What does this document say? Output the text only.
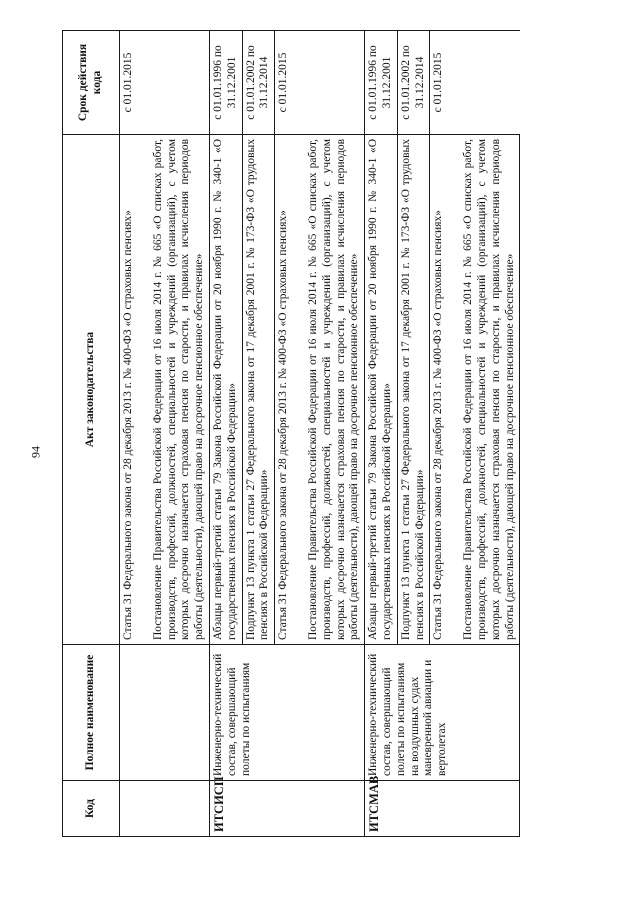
94
Код	Полное наименование	Акт законодательства	Срок действия кода
		Статья 31 Федерального закона от 28 декабря 2013 г. № 400-ФЗ «О страховых пенсиях»	с 01.01.2015

		Постановление Правительства Российской Федерации от 16 июля 2014 г. № 665 «О списках работ, производств, профессий, должностей, специальностей и учреждений (организаций), с учетом которых досрочно назначается страховая пенсия по старости, и правилах исчисления периодов работы (деятельности), дающей право на досрочное пенсионное обеспечение»	
ИТСИСП	Инженерно-технический состав, совершающий полеты по испытаниям	Абзацы первый-третий статьи 79 Закона Российской Федерации от 20 ноября 1990 г. № 340-1 «О государственных пенсиях в Российской Федерации»	с 01.01.1996 по 31.12.2001
		Подпункт 13 пункта 1 статьи 27 Федерального закона от 17 декабря 2001 г. № 173-ФЗ «О трудовых пенсиях в Российской Федерации»	с 01.01.2002 по 31.12.2014
		Статья 31 Федерального закона от 28 декабря 2013 г. № 400-ФЗ «О страховых пенсиях»	с 01.01.2015

		Постановление Правительства Российской Федерации от 16 июля 2014 г. № 665 «О списках работ, производств, профессий, должностей, специальностей и учреждений (организаций), с учетом которых досрочно назначается страховая пенсия по старости, и правилах исчисления периодов работы (деятельности), дающей право на досрочное пенсионное обеспечение»	
ИТСМАВ	Инженерно-технический состав, совершающий полеты по испытаниям на воздушных судах маневренной авиации и вертолетах	Абзацы первый-третий статьи 79 Закона Российской Федерации от 20 ноября 1990 г. № 340-1 «О государственных пенсиях в Российской Федерации»	с 01.01.1996 по 31.12.2001
		Подпункт 13 пункта 1 статьи 27 Федерального закона от 17 декабря 2001 г. № 173-ФЗ «О трудовых пенсиях в Российской Федерации»	с 01.01.2002 по 31.12.2014
		Статья 31 Федерального закона от 28 декабря 2013 г. № 400-ФЗ «О страховых пенсиях»	с 01.01.2015

		Постановление Правительства Российской Федерации от 16 июля 2014 г. № 665 «О списках работ, производств, профессий, должностей, специальностей и учреждений (организаций), с учетом которых досрочно назначается страховая пенсия по старости, и правилах исчисления периодов работы (деятельности), дающей право на досрочное пенсионное обеспечение»	
